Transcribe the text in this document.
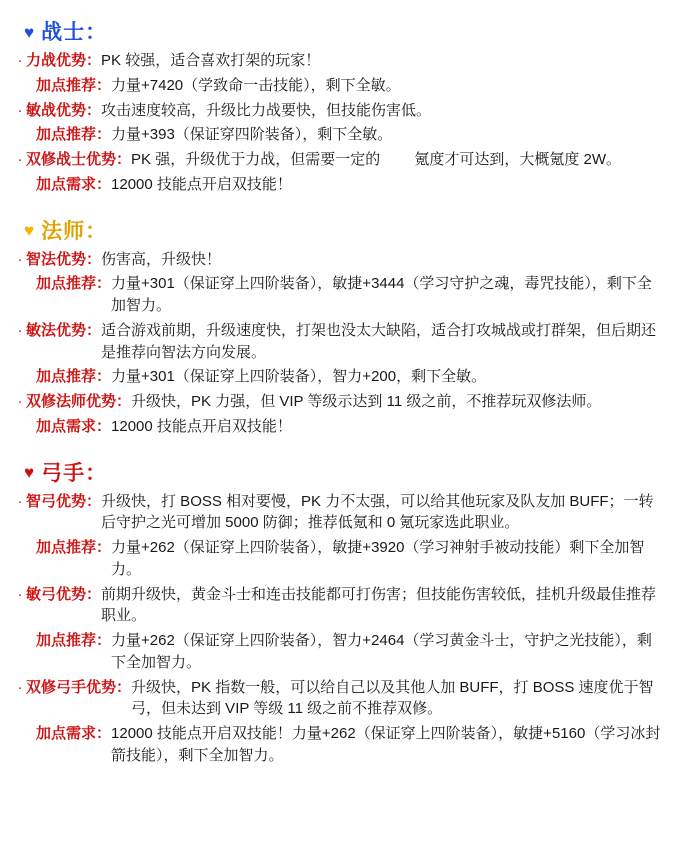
♥ 战士：
· 力战优势： PK 较强，适合喜欢打架的玩家！
加点推荐： 力量+7420（学致命一击技能），剩下全敏。
· 敏战优势： 攻击速度较高，升级比力战要快，但技能伤害低。
加点推荐： 力量+393（保证穿四阶装备），剩下全敏。
· 双修战士优势： PK 强，升级优于力战，但需要一定的 　　氪度才可达到，大概氪度 2W。
加点需求： 12000 技能点开启双技能！
♥ 法师：
· 智法优势： 伤害高，升级快！
加点推荐： 力量+301（保证穿上四阶装备），敏捷+3444（学习守护之魂，毒咒技能），剩下全加智力。
· 敏法优势： 适合游戏前期，升级速度快，打架也没太大缺陷，适合打攻城战或打群架，但后期还是推荐向智法方向发展。
加点推荐： 力量+301（保证穿上四阶装备），智力+200，剩下全敏。
· 双修法师优势： 升级快，PK 力强，但 VIP 等级示达到 11 级之前，不推荐玩双修法师。
加点需求： 12000 技能点开启双技能！
♥ 弓手：
· 智弓优势： 升级快，打 BOSS 相对要慢，PK 力不太强，可以给其他玩家及队友加 BUFF；一转后守护之光可增加 5000 防御；推荐低氪和 0 氪玩家选此职业。
加点推荐： 力量+262（保证穿上四阶装备），敏捷+3920（学习神射手被动技能）剩下全加智力。
· 敏弓优势： 前期升级快，黄金斗士和连击技能都可打伤害；但技能伤害较低，挂机升级最佳推荐职业。
加点推荐： 力量+262（保证穿上四阶装备），智力+2464（学习黄金斗士，守护之光技能），剩下全加智力。
· 双修弓手优势： 升级快，PK 指数一般，可以给自己以及其他人加 BUFF，打 BOSS 速度优于智弓，但未达到 VIP 等级 11 级之前不推荐双修。
加点需求： 12000 技能点开启双技能！力量+262（保证穿上四阶装备），敏捷+5160（学习冰封箭技能），剩下全加智力。
